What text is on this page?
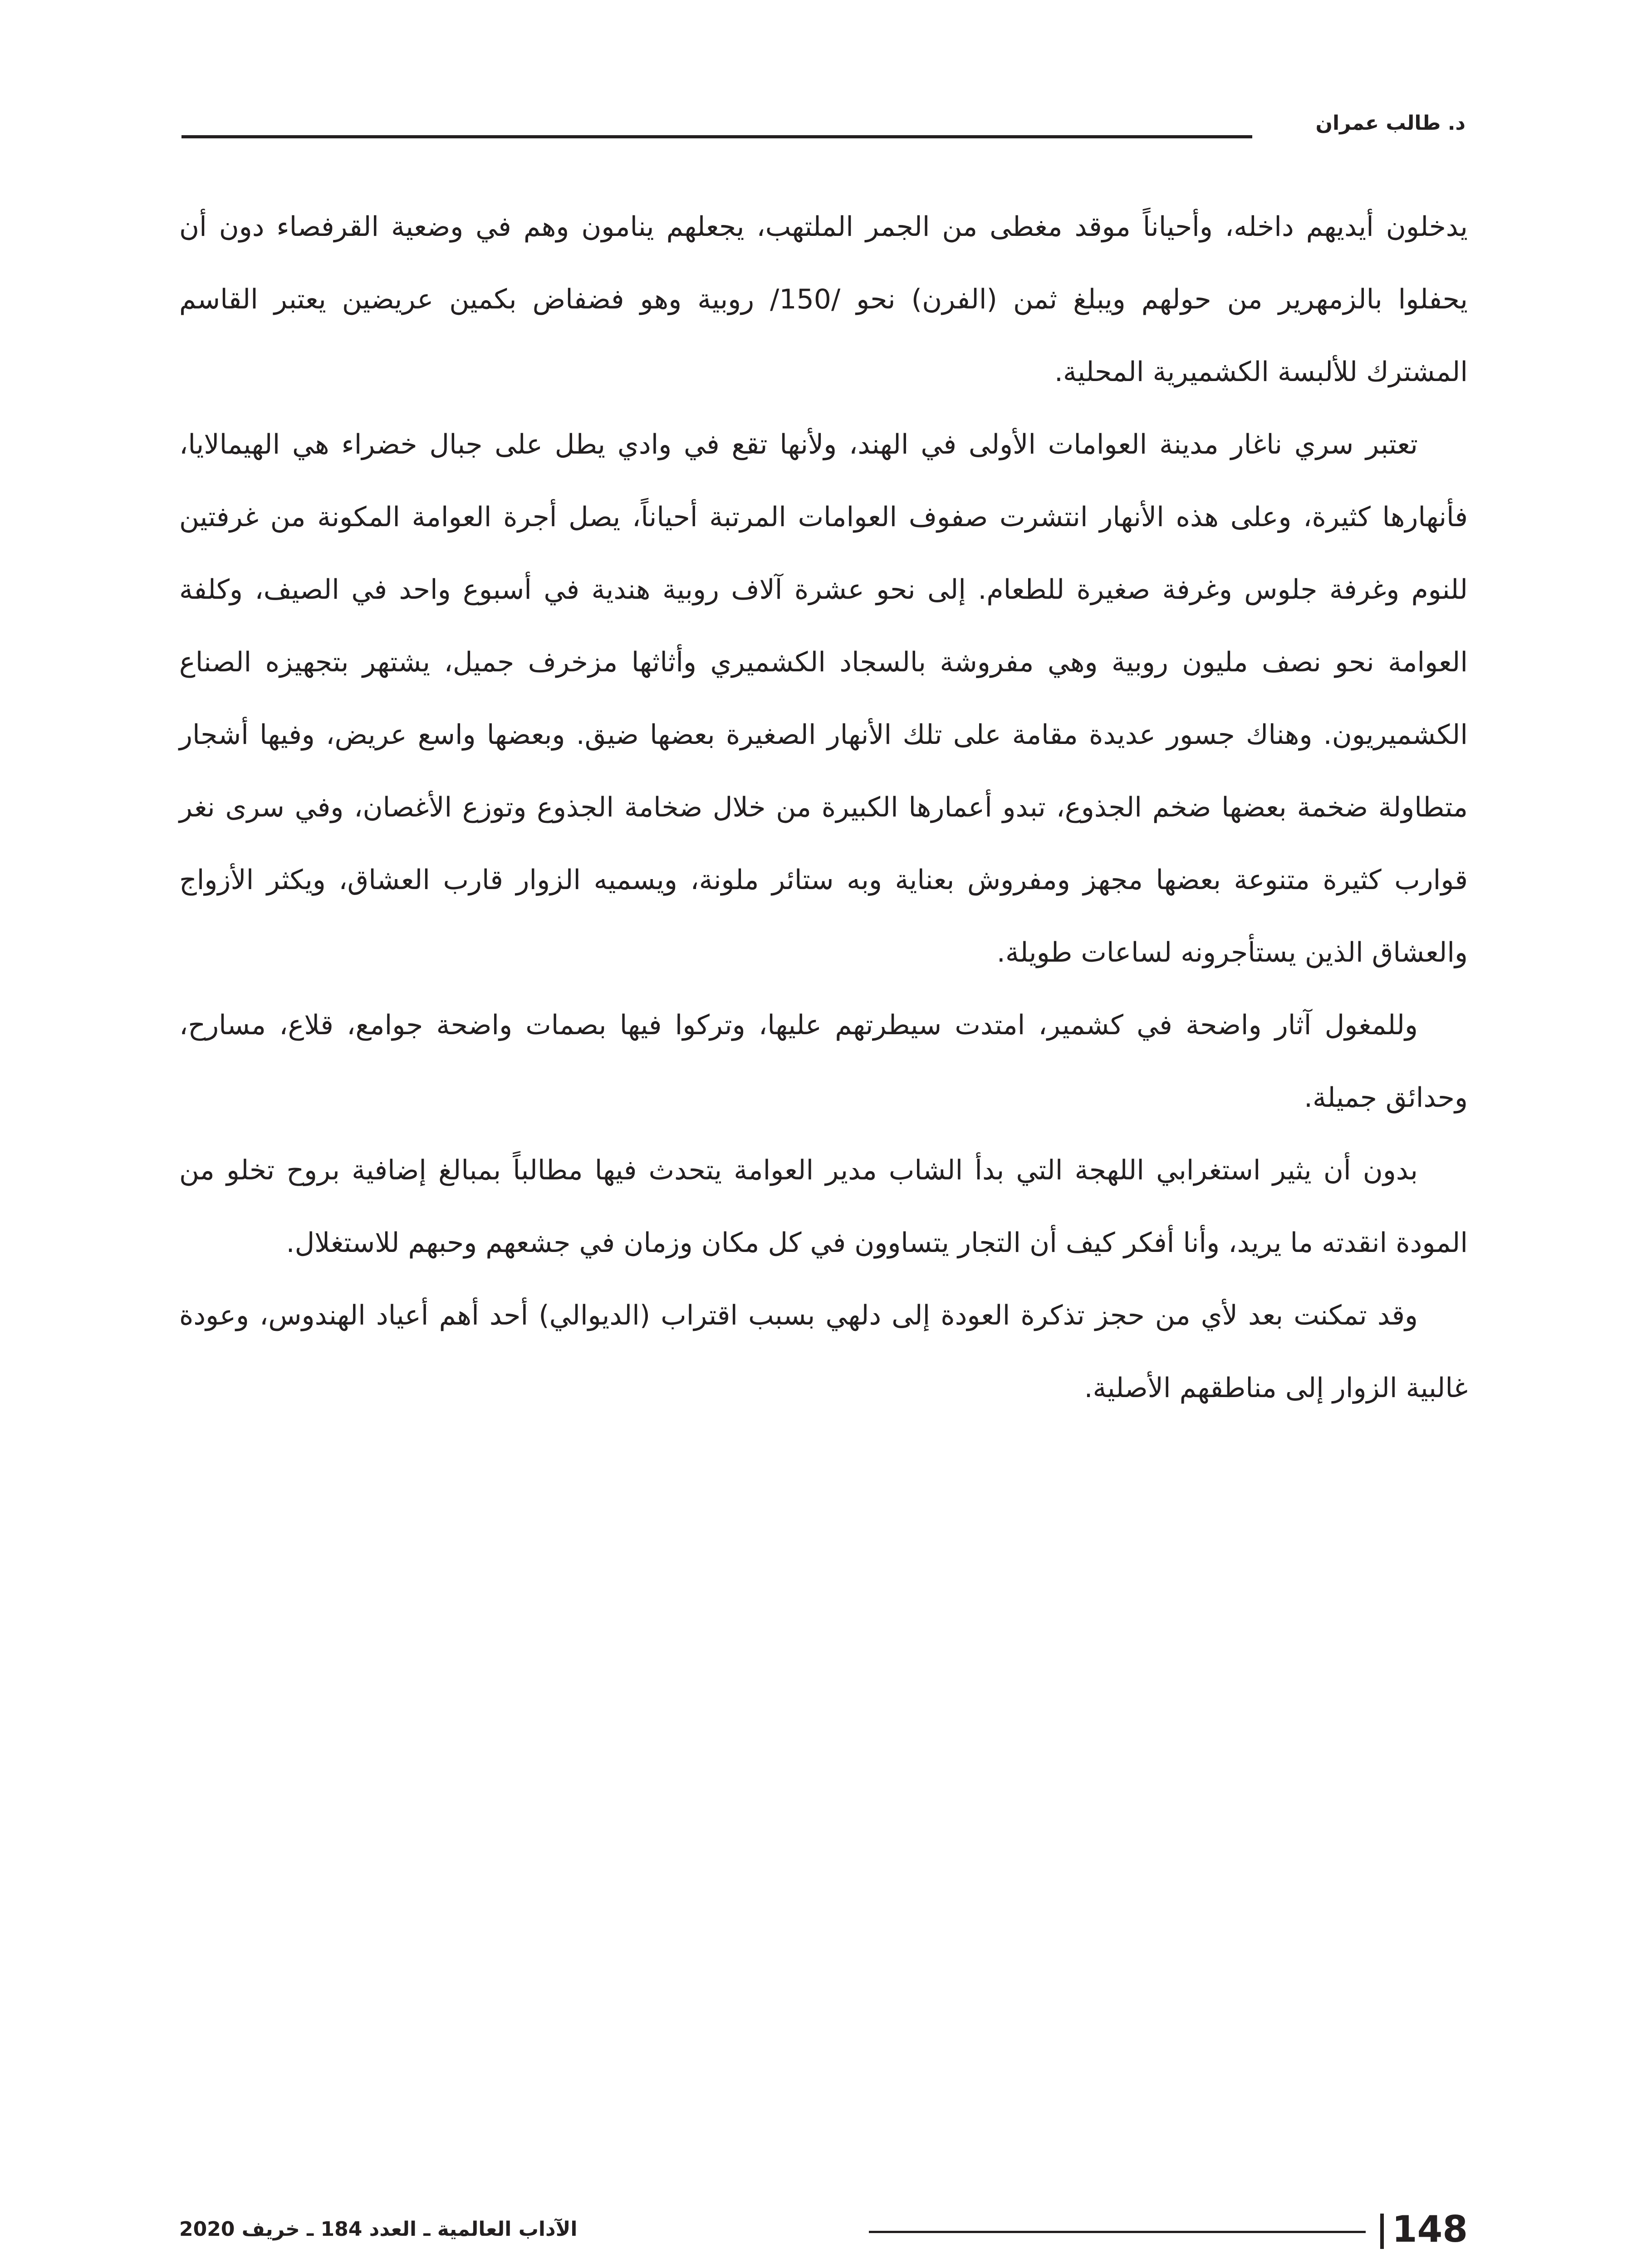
د. طالب عمران

يدخلون أيديهم داخله، وأحياناً موقد مغطى من الجمر الملتهب، يجعلهم ينامون وهم في وضعية القرفصاء دون أن يحفلوا بالزمهرير من حولهم ويبلغ ثمن (الفرن) نحو /150/ روبية وهو فضفاض بكمين عريضين يعتبر القاسم المشترك للألبسة الكشميرية المحلية.

تعتبر سري ناغار مدينة العوامات الأولى في الهند، ولأنها تقع في وادي يطل على جبال خضراء هي الهيمالايا، فأنهارها كثيرة، وعلى هذه الأنهار انتشرت صفوف العوامات المرتبة أحياناً، يصل أجرة العوامة المكونة من غرفتين للنوم وغرفة جلوس وغرفة صغيرة للطعام. إلى نحو عشرة آلاف روبية هندية في أسبوع واحد في الصيف، وكلفة العوامة نحو نصف مليون روبية وهي مفروشة بالسجاد الكشميري وأثاثها مزخرف جميل، يشتهر بتجهيزه الصناع الكشميريون. وهناك جسور عديدة مقامة على تلك الأنهار الصغيرة بعضها ضيق. وبعضها واسع عريض، وفيها أشجار متطاولة ضخمة بعضها ضخم الجذوع، تبدو أعمارها الكبيرة من خلال ضخامة الجذوع وتوزع الأغصان، وفي سرى نغر قوارب كثيرة متنوعة بعضها مجهز ومفروش بعناية وبه ستائر ملونة، ويسميه الزوار قارب العشاق، ويكثر الأزواج والعشاق الذين يستأجرونه لساعات طويلة.

وللمغول آثار واضحة في كشمير، امتدت سيطرتهم عليها، وتركوا فيها بصمات واضحة جوامع، قلاع، مسارح، وحدائق جميلة.

بدون أن يثير استغرابي اللهجة التي بدأ الشاب مدير العوامة يتحدث فيها مطالباً بمبالغ إضافية بروح تخلو من المودة انقدته ما يريد، وأنا أفكر كيف أن التجار يتساوون في كل مكان وزمان في جشعهم وحبهم للاستغلال.

وقد تمكنت بعد لأي من حجز تذكرة العودة إلى دلهي بسبب اقتراب (الديوالي) أحد أهم أعياد الهندوس، وعودة غالبية الزوار إلى مناطقهم الأصلية.

148
الآداب العالمية ـ العدد 184 ـ خريف 2020
